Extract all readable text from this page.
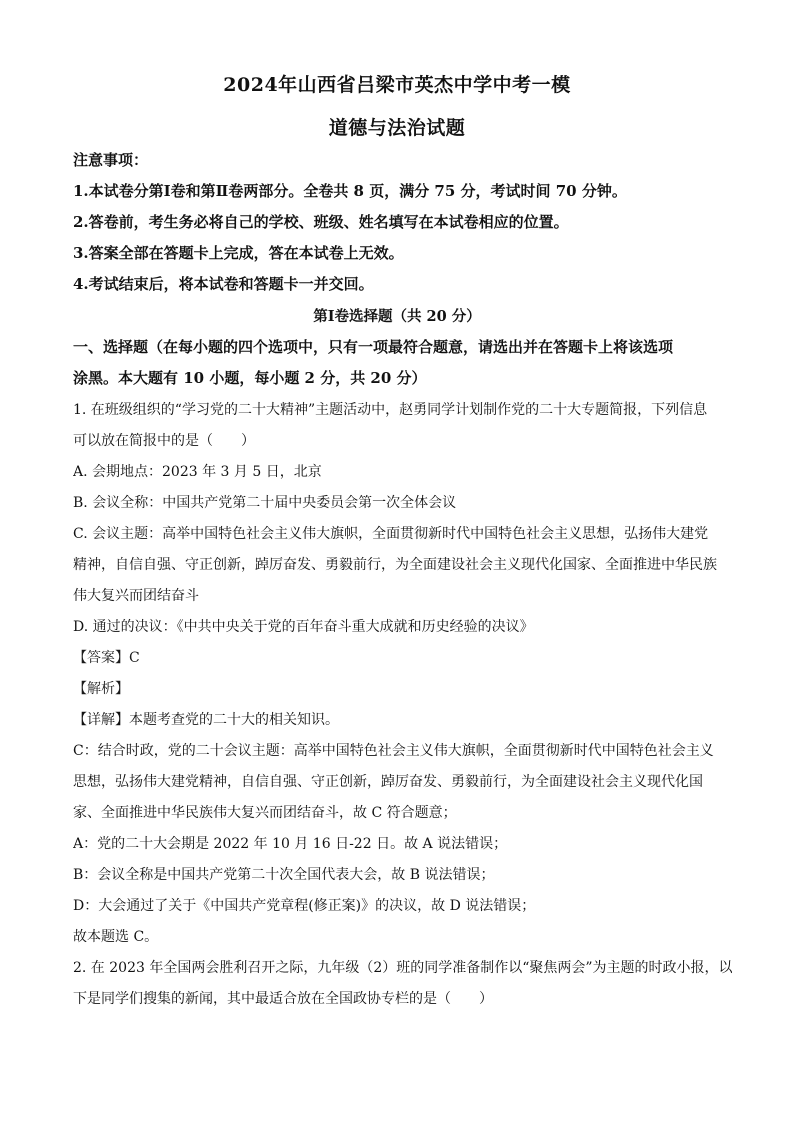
2024年山西省吕梁市英杰中学中考一模
道德与法治试题
注意事项：
1.本试卷分第Ⅰ卷和第Ⅱ卷两部分。全卷共 8 页，满分 75 分，考试时间 70 分钟。
2.答卷前，考生务必将自己的学校、班级、姓名填写在本试卷相应的位置。
3.答案全部在答题卡上完成，答在本试卷上无效。
4.考试结束后，将本试卷和答题卡一并交回。
第Ⅰ卷选择题（共 20 分）
一、选择题（在每小题的四个选项中，只有一项最符合题意，请选出并在答题卡上将该选项
涂黑。本大题有 10 小题，每小题 2 分，共 20 分）
1. 在班级组织的“学习党的二十大精神”主题活动中，赵勇同学计划制作党的二十大专题简报，下列信息
可以放在简报中的是（　　）
A. 会期地点：2023 年 3 月 5 日，北京
B. 会议全称：中国共产党第二十届中央委员会第一次全体会议
C. 会议主题：高举中国特色社会主义伟大旗帜，全面贯彻新时代中国特色社会主义思想，弘扬伟大建党
精神，自信自强、守正创新，踔厉奋发、勇毅前行，为全面建设社会主义现代化国家、全面推进中华民族
伟大复兴而团结奋斗
D. 通过的决议：《中共中央关于党的百年奋斗重大成就和历史经验的决议》
【答案】C
【解析】
【详解】本题考查党的二十大的相关知识。
C：结合时政，党的二十会议主题：高举中国特色社会主义伟大旗帜，全面贯彻新时代中国特色社会主义
思想，弘扬伟大建党精神，自信自强、守正创新，踔厉奋发、勇毅前行，为全面建设社会主义现代化国
家、全面推进中华民族伟大复兴而团结奋斗，故 C 符合题意；
A：党的二十大会期是 2022 年 10 月 16 日-22 日。故 A 说法错误；
B：会议全称是中国共产党第二十次全国代表大会，故 B 说法错误；
D：大会通过了关于《中国共产党章程(修正案)》的决议，故 D 说法错误；
故本题选 C。
2. 在 2023 年全国两会胜利召开之际，九年级（2）班的同学准备制作以“聚焦两会”为主题的时政小报，以
下是同学们搜集的新闻，其中最适合放在全国政协专栏的是（　　）
